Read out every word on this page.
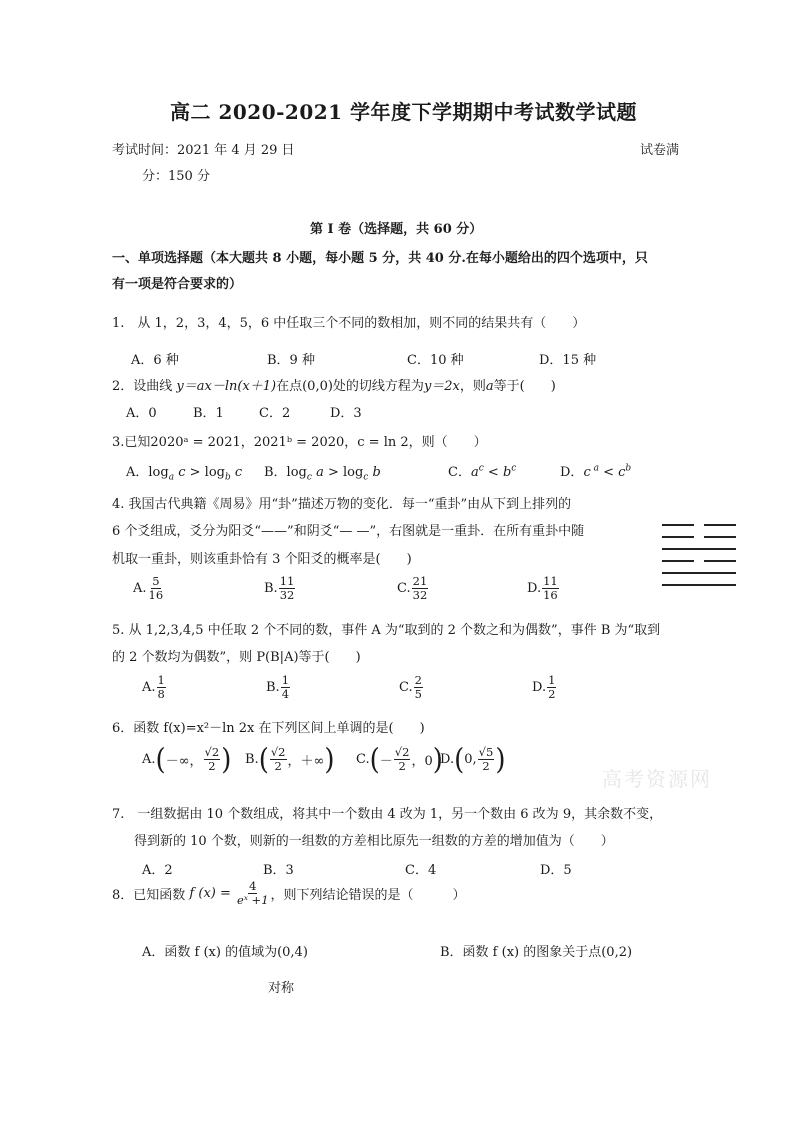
高二 2020-2021 学年度下学期期中考试数学试题
考试时间：2021 年 4 月 29 日	试卷满
分：150 分
第 I 卷（选择题，共 60 分）
一、单项选择题（本大题共 8 小题，每小题 5 分，共 40 分.在每小题给出的四个选项中，只
有一项是符合要求的）
1.　从 1，2，3，4，5，6 中任取三个不同的数相加，则不同的结果共有（　　）
A．6 种	B．9 种	C．10 种	D．15 种
2．设曲线 y＝ax－ln(x＋1)在点(0,0)处的切线方程为y＝2x，则a等于(　　)
A．0	B．1	C．2	D．3
3.已知2020ᵃ = 2021，2021ᵇ = 2020，c = ln 2，则（　　）
A．$\log_a c > \log_b c$ B．$\log_c a > \log_c b$	C．$a^c < b^c$	D．c $^a < c^b$
4. 我国古代典籍《周易》用“卦”描述万物的变化．每一“重卦”由从下到上排列的
6 个爻组成，爻分为阳爻“——”和阴爻“— —”，右图就是一重卦．在所有重卦中随
机取一重卦，则该重卦恰有 3 个阳爻的概率是(　　)
A. $\frac{5}{16}$	B. $\frac{11}{32}$	C. $\frac{21}{32}$	D. $\frac{11}{16}$
5. 从 1,2,3,4,5 中任取 2 个不同的数，事件 A 为“取到的 2 个数之和为偶数”，事件 B 为“取到
的 2 个数均为偶数”，则 P(B|A)等于(　　)
A. $\frac{1}{8}$	B. $\frac{1}{4}$	C. $\frac{2}{5}$	D. $\frac{1}{2}$
6．函数 f(x)=x²－ln 2x 在下列区间上单调的是(　　)
A. ( －∞， $\frac{√2}{2}$ ) B. ( $\frac{√2}{2}$ ，＋∞ ) C. ( － $\frac{√2}{2}$ ，0 )
D. ( 0, $\frac{√5}{2}$ )
高考资源网
7.　一组数据由 10 个数组成，将其中一个数由 4 改为 1，另一个数由 6 改为 9，其余数不变，
得到新的 10 个数，则新的一组数的方差相比原先一组数的方差的增加值为（　　）
A．2	B．3	C．4	D．5
8．已知函数
f (x) =
$\frac{4}{\text{eˣ +1}}$ ，则下列结论错误的是（　　　）
A．函数 f (x) 的值域为(0,4)	B．函数 f (x) 的图象关于点(0,2)
对称
